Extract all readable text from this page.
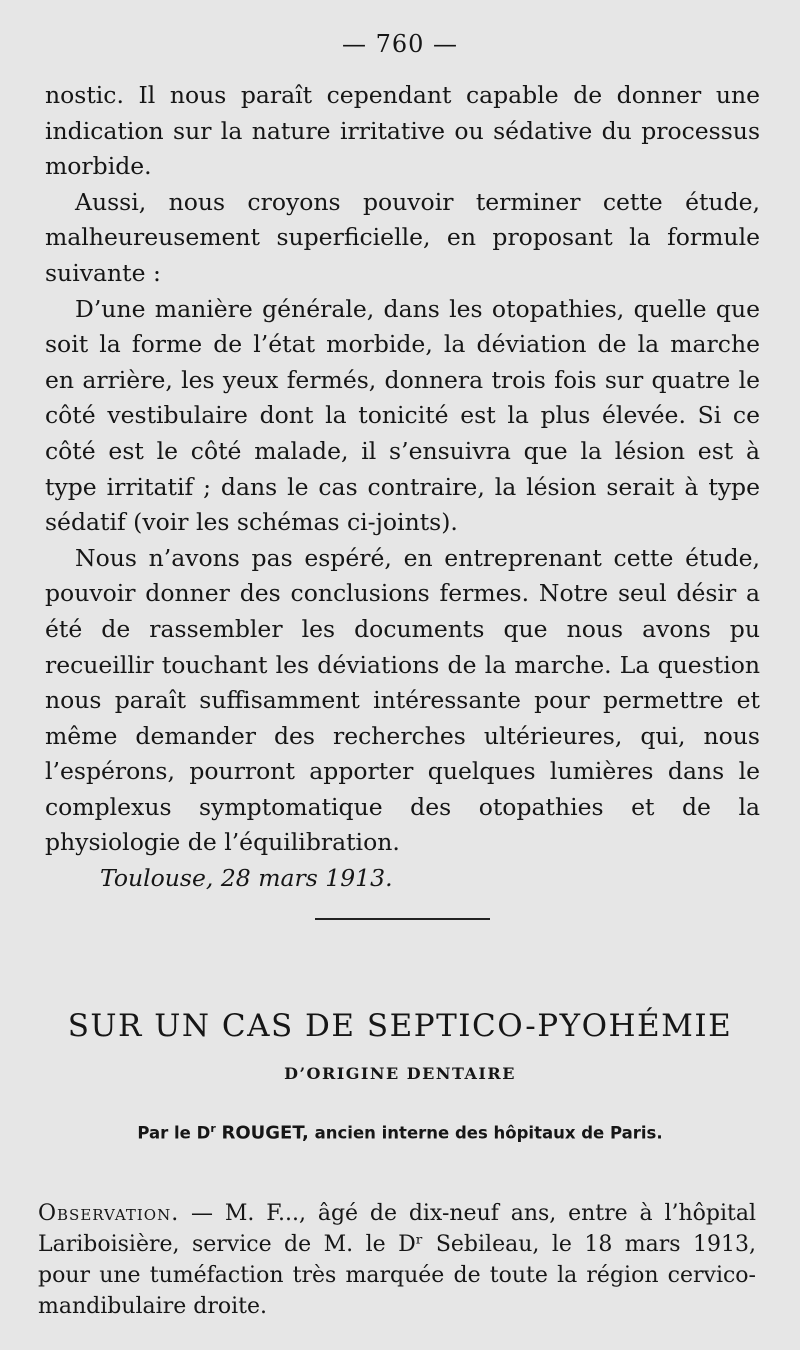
— 760 —

nostic. Il nous paraît cependant capable de donner une indication sur la nature irritative ou sédative du processus morbide.

Aussi, nous croyons pouvoir terminer cette étude, malheureusement superficielle, en proposant la formule suivante :

D’une manière générale, dans les otopathies, quelle que soit la forme de l’état morbide, la déviation de la marche en arrière, les yeux fermés, donnera trois fois sur quatre le côté vestibulaire dont la tonicité est la plus élevée. Si ce côté est le côté malade, il s’ensuivra que la lésion est à type irritatif ; dans le cas contraire, la lésion serait à type sédatif (voir les schémas ci-joints).

Nous n’avons pas espéré, en entreprenant cette étude, pouvoir donner des conclusions fermes. Notre seul désir a été de rassembler les documents que nous avons pu recueillir touchant les déviations de la marche. La question nous paraît suffisamment intéressante pour permettre et même demander des recherches ultérieures, qui, nous l’espérons, pourront apporter quelques lumières dans le complexus symptomatique des otopathies et de la physiologie de l’équilibration.

Toulouse, 28 mars 1913.

SUR UN CAS DE SEPTICO-PYOHÉMIE
D’ORIGINE DENTAIRE

Par le $D^r$ ROUGET, ancien interne des hôpitaux de Paris.

Observation. — M. F..., âgé de dix-neuf ans, entre à l’hôpital Lariboisière, service de M. le Dʳ Sebileau, le 18 mars 1913, pour une tuméfaction très marquée de toute la région cervico-mandibulaire droite.
